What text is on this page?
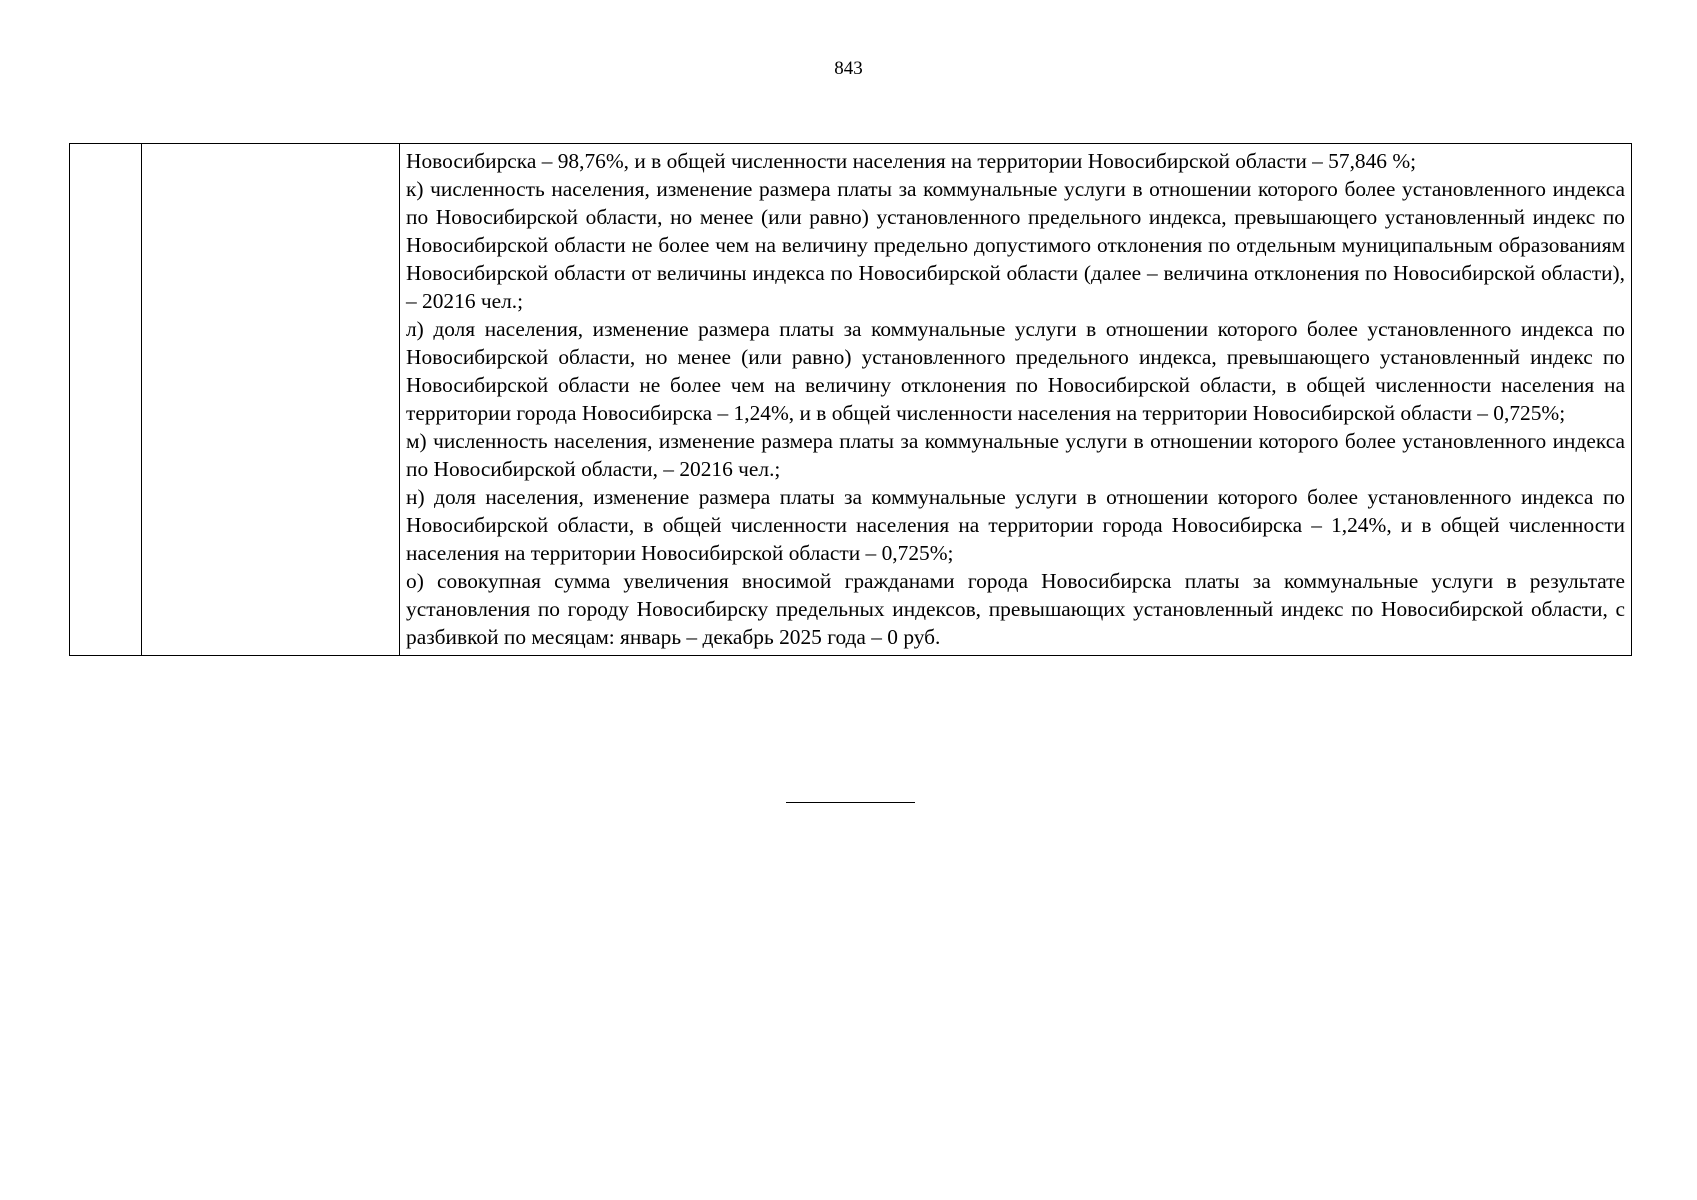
843

Новосибирска – 98,76%, и в общей численности населения на территории Новосибирской области – 57,846 %;

к) численность населения, изменение размера платы за коммунальные услуги в отношении которого более установленного индекса по Новосибирской области, но менее (или равно) установленного предельного индекса, превышающего установленный индекс по Новосибирской области не более чем на величину предельно допустимого отклонения по отдельным муниципальным образованиям Новосибирской области от величины индекса по Новосибирской области (далее – величина отклонения по Новосибирской области), – 20216 чел.;

л) доля населения, изменение размера платы за коммунальные услуги в отношении которого более установленного индекса по Новосибирской области, но менее (или равно) установленного предельного индекса, превышающего установленный индекс по Новосибирской области не более чем на величину отклонения по Новосибирской области, в общей численности населения на территории города Новосибирска – 1,24%, и в общей численности населения на территории Новосибирской области – 0,725%;

м) численность населения, изменение размера платы за коммунальные услуги в отношении которого более установленного индекса по Новосибирской области, – 20216 чел.;

н) доля населения, изменение размера платы за коммунальные услуги в отношении которого более установленного индекса по Новосибирской области, в общей численности населения на территории города Новосибирска – 1,24%, и в общей численности населения на территории Новосибирской области – 0,725%;

о) совокупная сумма увеличения вносимой гражданами города Новосибирска платы за коммунальные услуги в результате установления по городу Новосибирску предельных индексов, превышающих установленный индекс по Новосибирской области, с разбивкой по месяцам: январь – декабрь 2025 года – 0 руб.
